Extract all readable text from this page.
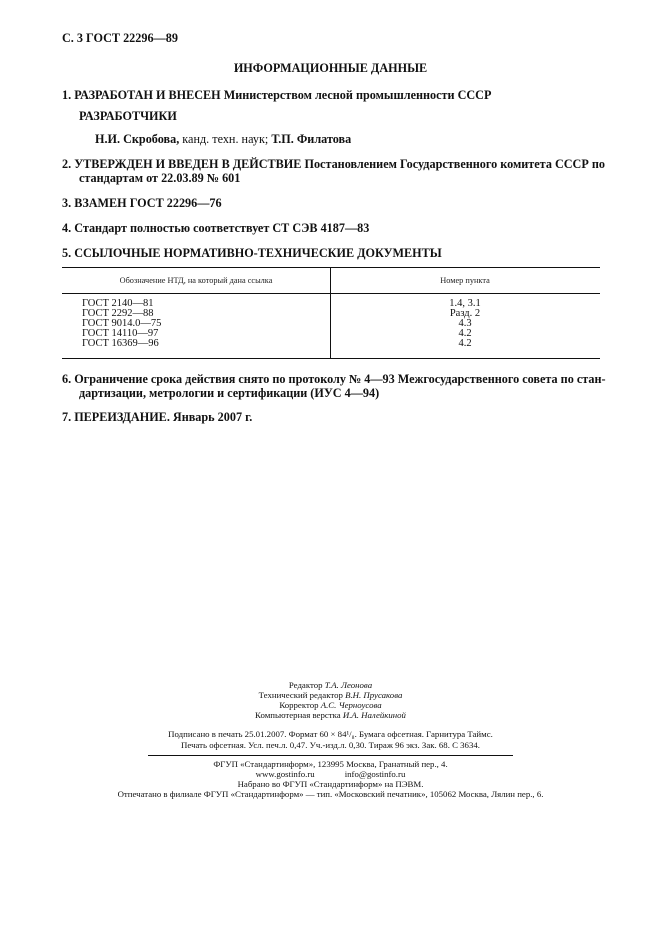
С. 3 ГОСТ 22296—89
ИНФОРМАЦИОННЫЕ ДАННЫЕ
1. РАЗРАБОТАН И ВНЕСЕН Министерством лесной промышленности СССР
РАЗРАБОТЧИКИ
Н.И. Скробова, канд. техн. наук; Т.П. Филатова
2. УТВЕРЖДЕН И ВВЕДЕН В ДЕЙСТВИЕ Постановлением Государственного комитета СССР по
стандартам от 22.03.89 № 601
3. ВЗАМЕН ГОСТ 22296—76
4. Стандарт полностью соответствует СТ СЭВ 4187—83
5. ССЫЛОЧНЫЕ НОРМАТИВНО-ТЕХНИЧЕСКИЕ ДОКУМЕНТЫ
Обозначение НТД, на который дана ссылка	Номер пункта
ГОСТ 2140—81	1.4, 3.1
ГОСТ 2292—88	Разд. 2
ГОСТ 9014.0—75	4.3
ГОСТ 14110—97	4.2
ГОСТ 16369—96	4.2
6. Ограничение срока действия снято по протоколу № 4—93 Межгосударственного совета по стан-
дартизации, метрологии и сертификации (ИУС 4—94)
7. ПЕРЕИЗДАНИЕ. Январь 2007 г.
Редактор Т.А. Леонова
Технический редактор В.Н. Прусакова
Корректор А.С. Черноусова
Компьютерная верстка И.А. Налейкиной
Подписано в печать 25.01.2007. Формат 60 × 84¹/₈. Бумага офсетная. Гарнитура Таймс.
Печать офсетная. Усл. печ.л. 0,47. Уч.-изд.л. 0,30. Тираж 96 экз. Зак. 68. С 3634.
ФГУП «Стандартинформ», 123995 Москва, Гранатный пер., 4.
www.gostinfo.ru	info@gostinfo.ru
Набрано во ФГУП «Стандартинформ» на ПЭВМ.
Отпечатано в филиале ФГУП «Стандартинформ» — тип. «Московский печатник», 105062 Москва, Лялин пер., 6.
